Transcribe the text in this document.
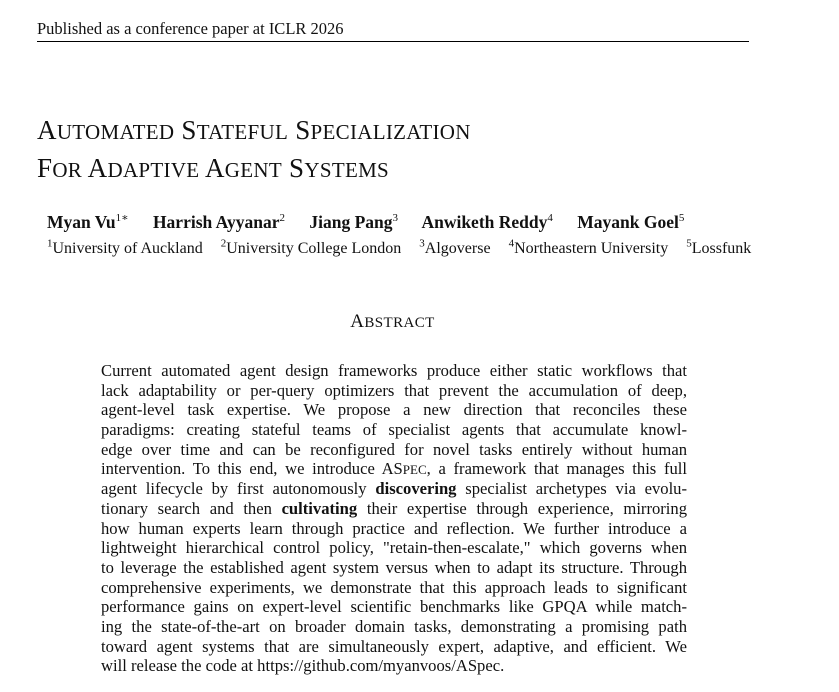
Published as a conference paper at ICLR 2026
AUTOMATED STATEFUL SPECIALIZATION
FOR ADAPTIVE AGENT SYSTEMS
Myan $Vu^{1∗}$ Harrish Ayyanar$^2$ Jiang Pang$^3$ Anwiketh Reddy$^4$ Mayank Goel$^5$
$^1$University of Auckland $^2$University College London $^3$Algoverse $^4$Northeastern University $^5$Lossfunk
ABSTRACT
Current automated agent design frameworks produce either static workflows that
lack adaptability or per-query optimizers that prevent the accumulation of deep,
agent-level task expertise. We propose a new direction that reconciles these
paradigms: creating stateful teams of specialist agents that accumulate knowl-
edge over time and can be reconfigured for novel tasks entirely without human
intervention. To this end, we introduce ASPEC, a framework that manages this full
agent lifecycle by first autonomously discovering specialist archetypes via evolu-
tionary search and then cultivating their expertise through experience, mirroring
how human experts learn through practice and reflection. We further introduce a
lightweight hierarchical control policy, "retain-then-escalate," which governs when
to leverage the established agent system versus when to adapt its structure. Through
comprehensive experiments, we demonstrate that this approach leads to significant
performance gains on expert-level scientific benchmarks like GPQA while match-
ing the state-of-the-art on broader domain tasks, demonstrating a promising path
toward agent systems that are simultaneously expert, adaptive, and efficient. We
will release the code at https://github.com/myanvoos/ASpec.
